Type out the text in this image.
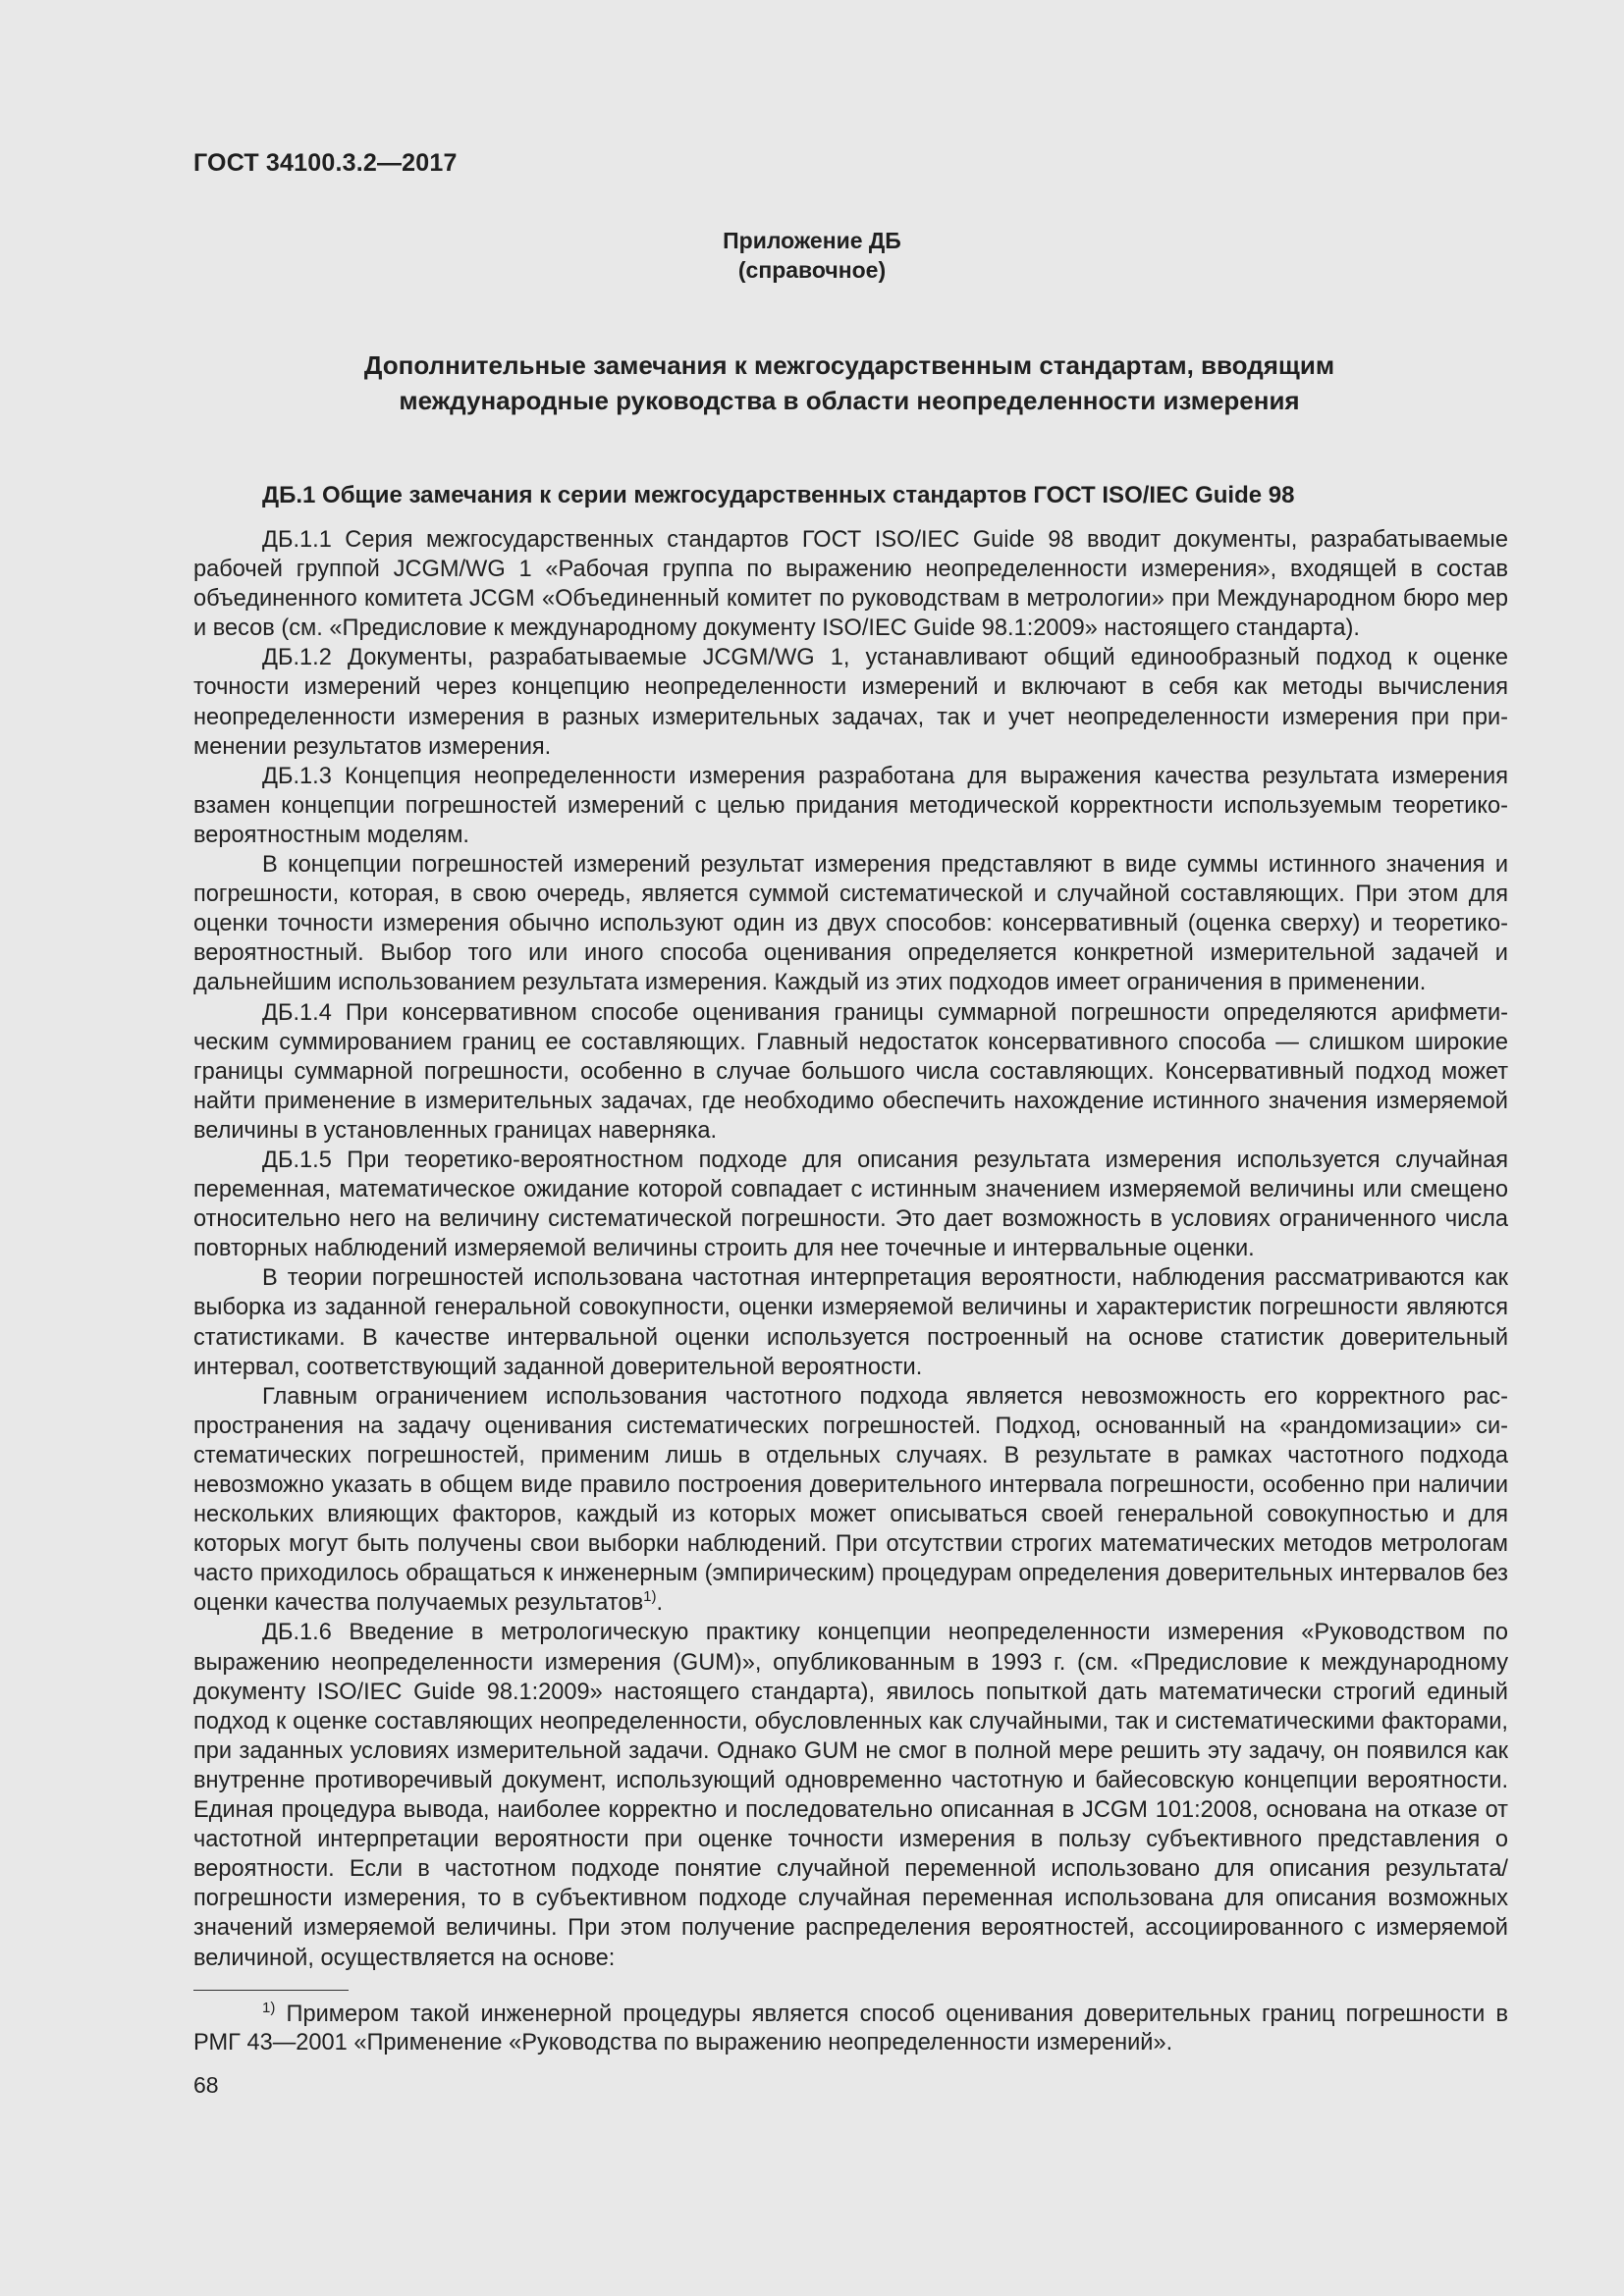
ГОСТ 34100.3.2—2017
Приложение ДБ
(справочное)
Дополнительные замечания к межгосударственным стандартам, вводящим
международные руководства в области неопределенности измерения
ДБ.1 Общие замечания к серии межгосударственных стандартов ГОСТ ISO/IEC Guide 98

ДБ.1.1 Серия межгосударственных стандартов ГОСТ ISO/IEC Guide 98 вводит документы, разрабатываемые рабочей группой JCGM/WG 1 «Рабочая группа по выражению неопределенности измерения», входящей в состав объединенного комитета JCGM «Объединенный комитет по руководствам в метрологии» при Международном бюро мер и весов (см. «Предисловие к международному документу ISO/IEC Guide 98.1:2009» настоящего стандарта).

ДБ.1.2 Документы, разрабатываемые JCGM/WG 1, устанавливают общий единообразный подход к оценке точности измерений через концепцию неопределенности измерений и включают в себя как методы вычисления неопределенности измерения в разных измерительных задачах, так и учет неопределенности измерения при применении результатов измерения.

ДБ.1.3 Концепция неопределенности измерения разработана для выражения качества результата измерения взамен концепции погрешностей измерений с целью придания методической корректности используемым теоретико-вероятностным моделям.

В концепции погрешностей измерений результат измерения представляют в виде суммы истинного значения и погрешности, которая, в свою очередь, является суммой систематической и случайной составляющих. При этом для оценки точности измерения обычно используют один из двух способов: консервативный (оценка сверху) и теоретико-вероятностный. Выбор того или иного способа оценивания определяется конкретной измерительной задачей и дальнейшим использованием результата измерения. Каждый из этих подходов имеет ограничения в применении.

ДБ.1.4 При консервативном способе оценивания границы суммарной погрешности определяются арифметическим суммированием границ ее составляющих. Главный недостаток консервативного способа — слишком широкие границы суммарной погрешности, особенно в случае большого числа составляющих. Консервативный подход может найти применение в измерительных задачах, где необходимо обеспечить нахождение истинного значения измеряемой величины в установленных границах наверняка.

ДБ.1.5 При теоретико-вероятностном подходе для описания результата измерения используется случайная переменная, математическое ожидание которой совпадает с истинным значением измеряемой величины или смещено относительно него на величину систематической погрешности. Это дает возможность в условиях ограниченного числа повторных наблюдений измеряемой величины строить для нее точечные и интервальные оценки.

В теории погрешностей использована частотная интерпретация вероятности, наблюдения рассматриваются как выборка из заданной генеральной совокупности, оценки измеряемой величины и характеристик погрешности являются статистиками. В качестве интервальной оценки используется построенный на основе статистик доверительный интервал, соответствующий заданной доверительной вероятности.

Главным ограничением использования частотного подхода является невозможность его корректного распространения на задачу оценивания систематических погрешностей. Подход, основанный на «рандомизации» систематических погрешностей, применим лишь в отдельных случаях. В результате в рамках частотного подхода невозможно указать в общем виде правило построения доверительного интервала погрешности, особенно при наличии нескольких влияющих факторов, каждый из которых может описываться своей генеральной совокупностью и для которых могут быть получены свои выборки наблюдений. При отсутствии строгих математических методов метрологам часто приходилось обращаться к инженерным (эмпирическим) процедурам определения доверительных интервалов без оценки качества получаемых результатов$^{1)}$.

ДБ.1.6 Введение в метрологическую практику концепции неопределенности измерения «Руководством по выражению неопределенности измерения (GUM)», опубликованным в 1993 г. (см. «Предисловие к международному документу ISO/IEC Guide 98.1:2009» настоящего стандарта), явилось попыткой дать математически строгий единый подход к оценке составляющих неопределенности, обусловленных как случайными, так и систематическими факторами, при заданных условиях измерительной задачи. Однако GUM не смог в полной мере решить эту задачу, он появился как внутренне противоречивый документ, использующий одновременно частотную и байесовскую концепции вероятности. Единая процедура вывода, наиболее корректно и последовательно описанная в JCGM 101:2008, основана на отказе от частотной интерпретации вероятности при оценке точности измерения в пользу субъективного представления о вероятности. Если в частотном подходе понятие случайной переменной использовано для описания результата/погрешности измерения, то в субъективном подходе случайная переменная использована для описания возможных значений измеряемой величины. При этом получение распределения вероятностей, ассоциированного с измеряемой величиной, осуществляется на основе:

$^{1)}$ Примером такой инженерной процедуры является способ оценивания доверительных границ погрешности в РМГ 43—2001 «Применение «Руководства по выражению неопределенности измерений».

68
